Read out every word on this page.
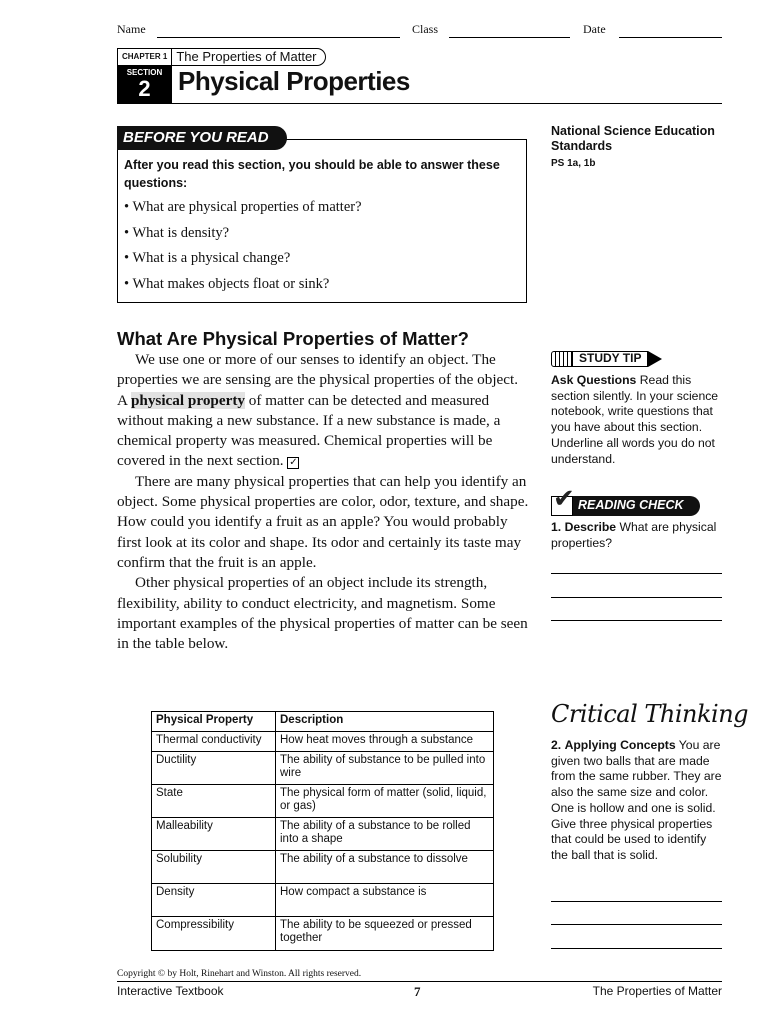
Name	Class	Date
CHAPTER 1 The Properties of Matter
SECTION
2	Physical Properties
BEFORE YOU READ
After you read this section, you should be able to answer these questions:
• What are physical properties of matter?
• What is density?
• What is a physical change?
• What makes objects float or sink?
National Science Education Standards
PS 1a, 1b
What Are Physical Properties of Matter?

We use one or more of our senses to identify an object. The properties we are sensing are the physical properties of the object. A physical property of matter can be detected and measured without making a new substance. If a new substance is made, a chemical property was measured. Chemical properties will be covered in the next section. ✓

There are many physical properties that can help you identify an object. Some physical properties are color, odor, texture, and shape. How could you identify a fruit as an apple? You would probably first look at its color and shape. Its odor and certainly its taste may confirm that the fruit is an apple.

Other physical properties of an object include its strength, flexibility, ability to conduct electricity, and magnetism. Some important examples of the physical properties of matter can be seen in the table below.

Physical Property	Description
Thermal conductivity	How heat moves through a substance
Ductility	The ability of substance to be pulled into wire
State	The physical form of matter (solid, liquid, or gas)
Malleability	The ability of a substance to be rolled into a shape
Solubility	The ability of a substance to dissolve
Density	How compact a substance is
Compressibility	The ability to be squeezed or pressed together
STUDY TIP
Ask Questions Read this section silently. In your science notebook, write questions that you have about this section. Underline all words you do not understand.
READING CHECK
✔
1. Describe What are physical properties?
Critical Thinking
2. Applying Concepts You are given two balls that are made from the same rubber. They are also the same size and color. One is hollow and one is solid. Give three physical properties that could be used to identify the ball that is solid.
Copyright © by Holt, Rinehart and Winston. All rights reserved.
Interactive Textbook	7	The Properties of Matter
